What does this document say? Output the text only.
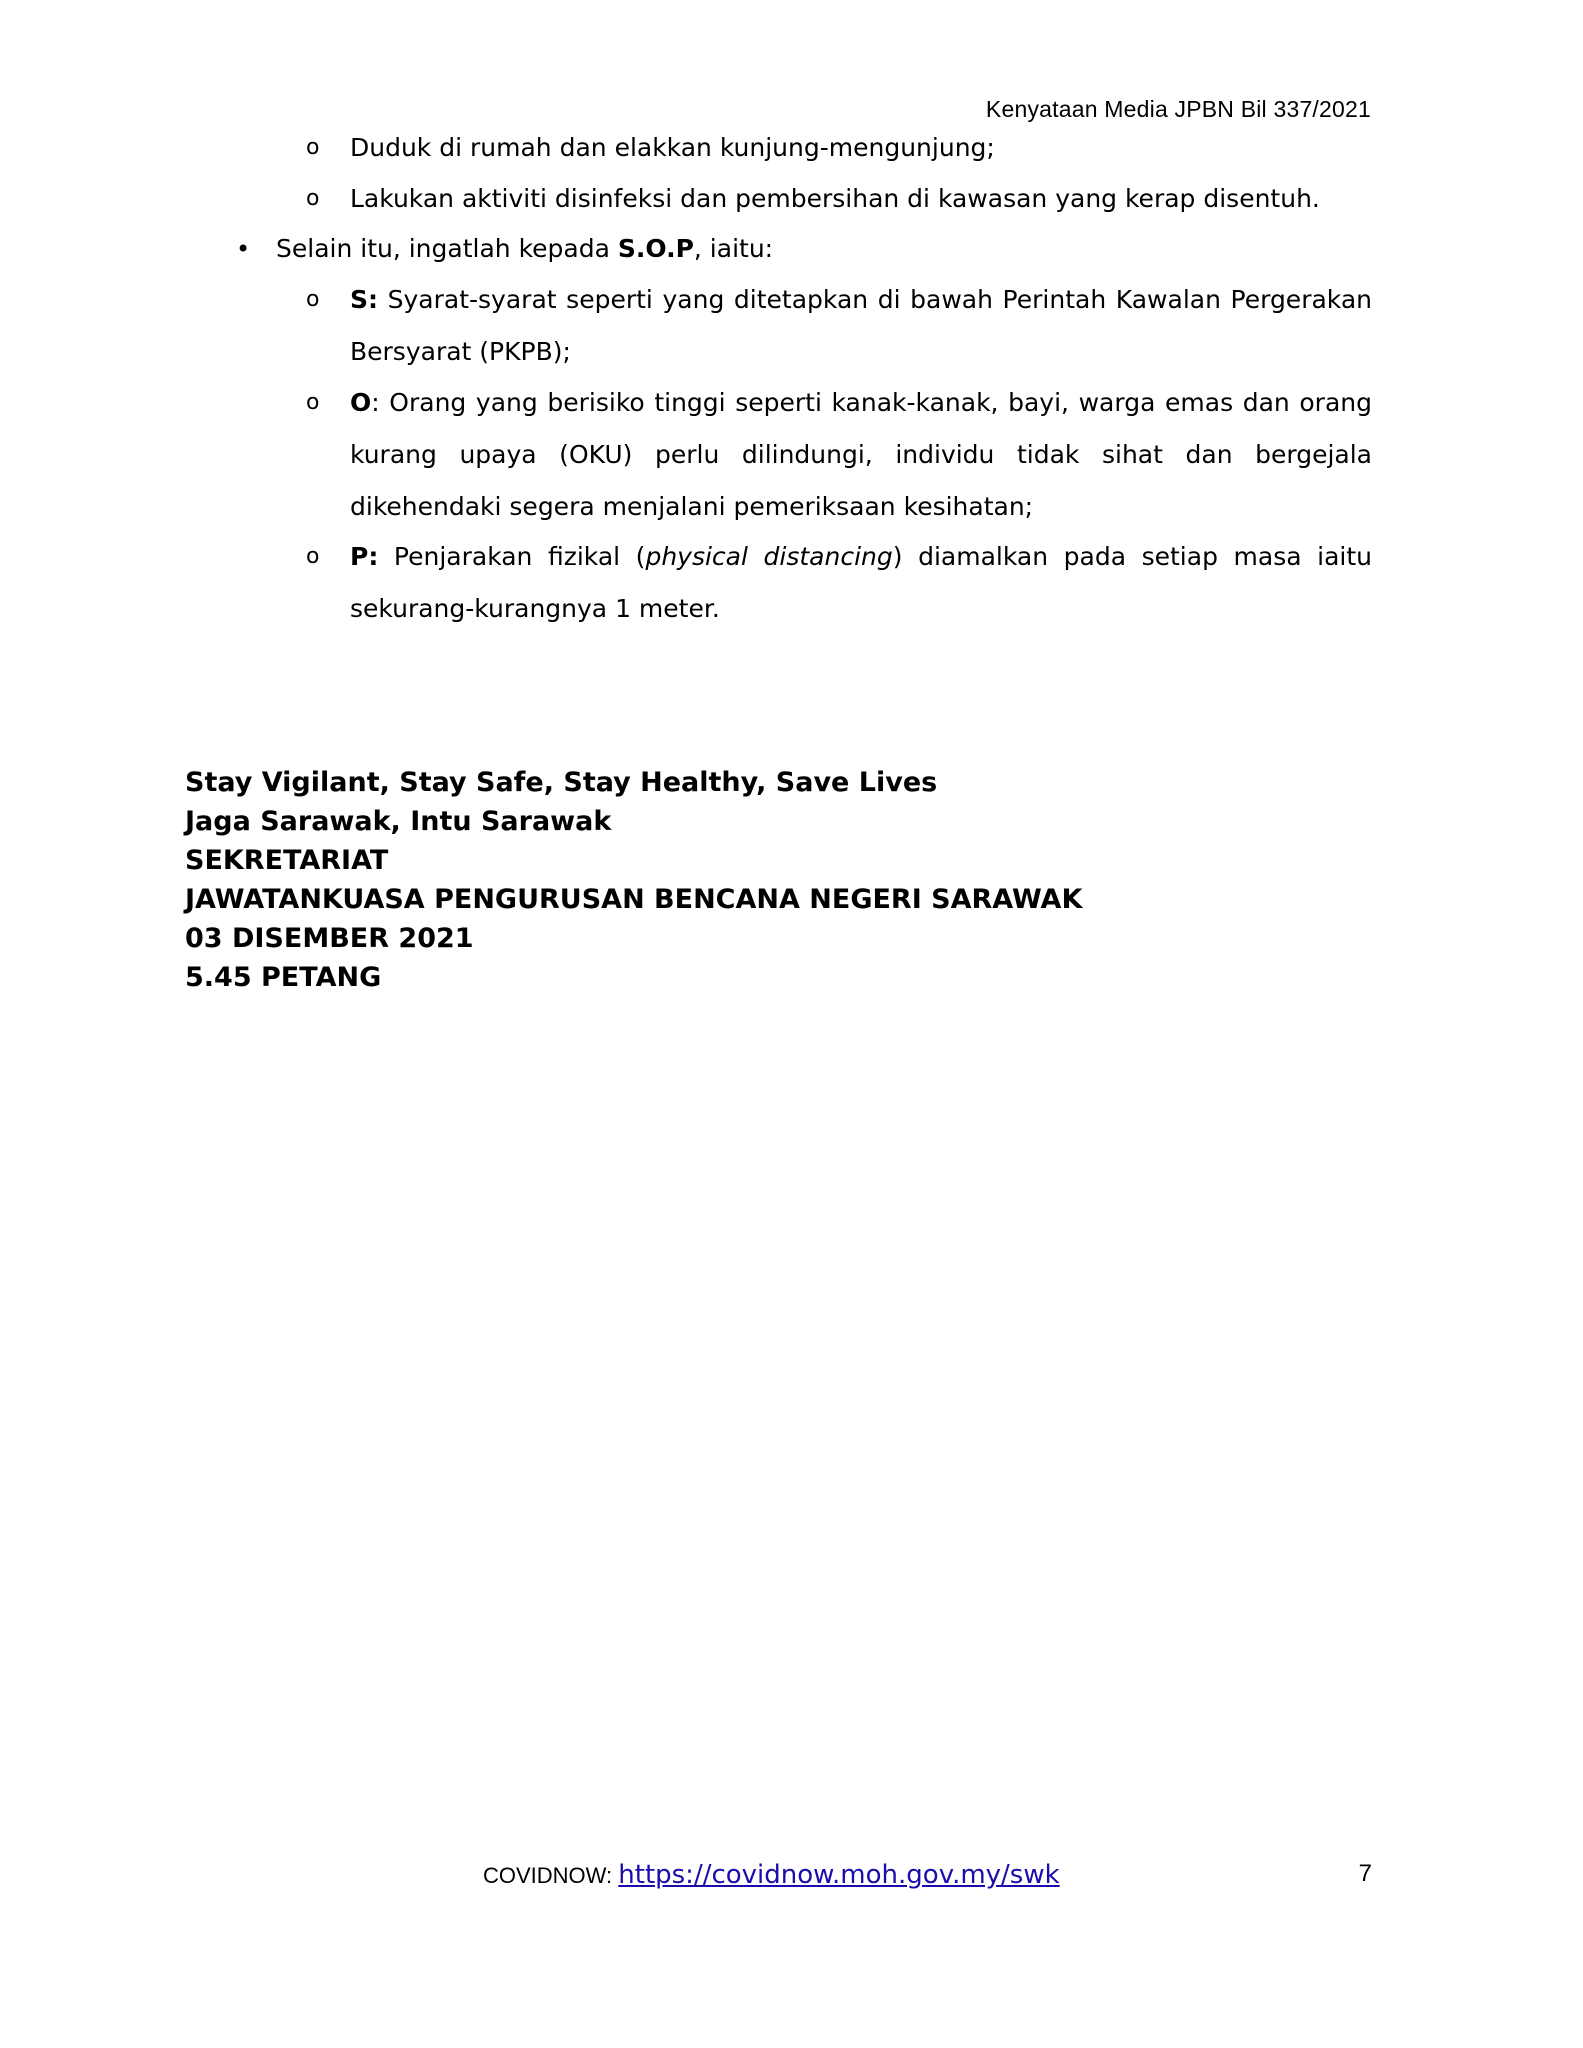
Kenyataan Media JPBN Bil 337/2021
o	Duduk di rumah dan elakkan kunjung-mengunjung;
o	Lakukan aktiviti disinfeksi dan pembersihan di kawasan yang kerap disentuh.
• Selain itu, ingatlah kepada S.O.P, iaitu:
o	S: Syarat-syarat seperti yang ditetapkan di bawah Perintah Kawalan Pergerakan Bersyarat (PKPB);
o	O: Orang yang berisiko tinggi seperti kanak-kanak, bayi, warga emas dan orang kurang upaya (OKU) perlu dilindungi, individu tidak sihat dan bergejala dikehendaki segera menjalani pemeriksaan kesihatan;
o	P: Penjarakan fizikal (physical distancing) diamalkan pada setiap masa iaitu sekurang-kurangnya 1 meter.
Stay Vigilant, Stay Safe, Stay Healthy, Save Lives
Jaga Sarawak, Intu Sarawak
SEKRETARIAT
JAWATANKUASA PENGURUSAN BENCANA NEGERI SARAWAK
03 DISEMBER 2021
5.45 PETANG
COVIDNOW: https://covidnow.moh.gov.my/swk	7
